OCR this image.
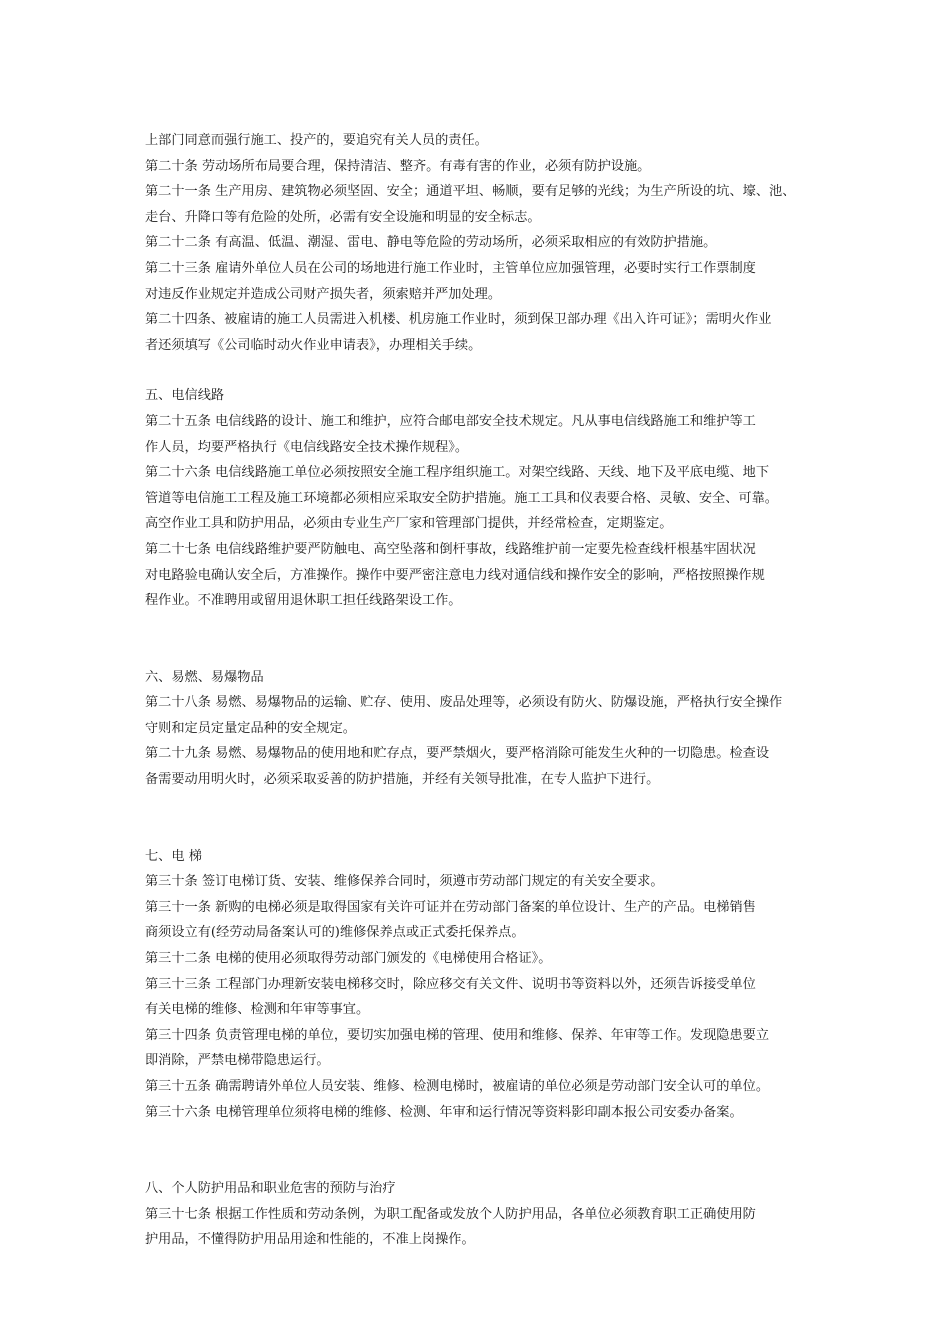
上部门同意而强行施工、投产的，要追究有关人员的责任。
第二十条 劳动场所布局要合理，保持清洁、整齐。有毒有害的作业，必须有防护设施。
第二十一条 生产用房、建筑物必须坚固、安全；通道平坦、畅顺，要有足够的光线；为生产所设的坑、壕、池、
走台、升降口等有危险的处所，必需有安全设施和明显的安全标志。
第二十二条 有高温、低温、潮湿、雷电、静电等危险的劳动场所，必须采取相应的有效防护措施。
第二十三条 雇请外单位人员在公司的场地进行施工作业时，主管单位应加强管理，必要时实行工作票制度
对违反作业规定并造成公司财产损失者，须索赔并严加处理。
第二十四条、被雇请的施工人员需进入机楼、机房施工作业时，须到保卫部办理《出入许可证》；需明火作业
者还须填写《公司临时动火作业申请表》，办理相关手续。
五、电信线路
第二十五条 电信线路的设计、施工和维护，应符合邮电部安全技术规定。凡从事电信线路施工和维护等工
作人员，均要严格执行《电信线路安全技术操作规程》。
第二十六条 电信线路施工单位必须按照安全施工程序组织施工。对架空线路、天线、地下及平底电缆、地下
管道等电信施工工程及施工环境都必须相应采取安全防护措施。施工工具和仪表要合格、灵敏、安全、可靠。
高空作业工具和防护用品，必须由专业生产厂家和管理部门提供，并经常检查，定期鉴定。
第二十七条 电信线路维护要严防触电、高空坠落和倒杆事故，线路维护前一定要先检查线杆根基牢固状况
对电路验电确认安全后，方准操作。操作中要严密注意电力线对通信线和操作安全的影响，严格按照操作规
程作业。不准聘用或留用退休职工担任线路架设工作。
六、易燃、易爆物品
第二十八条 易燃、易爆物品的运输、贮存、使用、废品处理等，必须设有防火、防爆设施，严格执行安全操作
守则和定员定量定品种的安全规定。
第二十九条 易燃、易爆物品的使用地和贮存点，要严禁烟火，要严格消除可能发生火种的一切隐患。检查设
备需要动用明火时，必须采取妥善的防护措施，并经有关领导批准，在专人监护下进行。
七、电 梯
第三十条 签订电梯订货、安装、维修保养合同时，须遵市劳动部门规定的有关安全要求。
第三十一条 新购的电梯必须是取得国家有关许可证并在劳动部门备案的单位设计、生产的产品。电梯销售
商须设立有(经劳动局备案认可的)维修保养点或正式委托保养点。
第三十二条 电梯的使用必须取得劳动部门颁发的《电梯使用合格证》。
第三十三条 工程部门办理新安装电梯移交时，除应移交有关文件、说明书等资料以外，还须告诉接受单位
有关电梯的维修、检测和年审等事宜。
第三十四条 负责管理电梯的单位，要切实加强电梯的管理、使用和维修、保养、年审等工作。发现隐患要立
即消除，严禁电梯带隐患运行。
第三十五条 确需聘请外单位人员安装、维修、检测电梯时，被雇请的单位必须是劳动部门安全认可的单位。
第三十六条 电梯管理单位须将电梯的维修、检测、年审和运行情况等资料影印副本报公司安委办备案。
八、个人防护用品和职业危害的预防与治疗
第三十七条 根据工作性质和劳动条例，为职工配备或发放个人防护用品，各单位必须教育职工正确使用防
护用品，不懂得防护用品用途和性能的，不准上岗操作。
